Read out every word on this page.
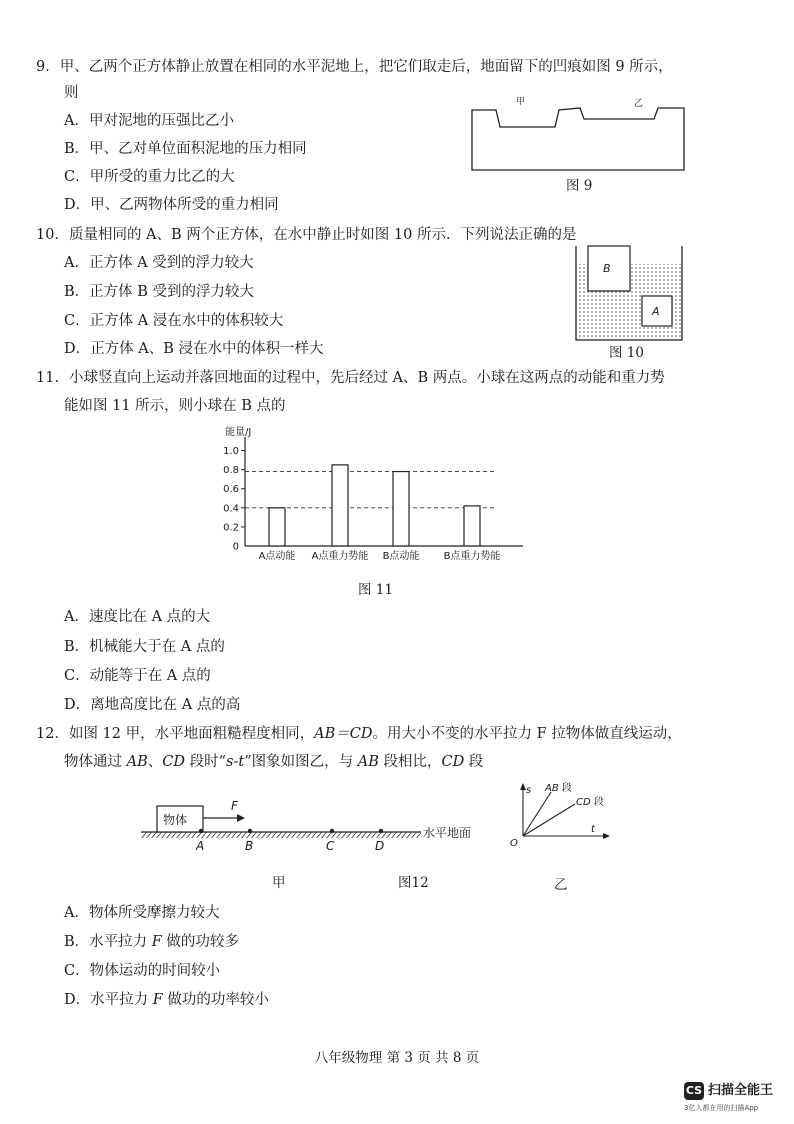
9．甲、乙两个正方体静止放置在相同的水平泥地上，把它们取走后，地面留下的凹痕如图 9 所示，
则
A．甲对泥地的压强比乙小
B．甲、乙对单位面积泥地的压力相同
C．甲所受的重力比乙的大
D．甲、乙两物体所受的重力相同
甲	乙
图 9
10．质量相同的 A、B 两个正方体，在水中静止时如图 10 所示．下列说法正确的是
A．正方体 A 受到的浮力较大
B．正方体 B 受到的浮力较大
C．正方体 A 浸在水中的体积较大
D．正方体 A、B 浸在水中的体积一样大
B
A
图 10
11．小球竖直向上运动并落回地面的过程中，先后经过 A、B 两点。小球在这两点的动能和重力势
能如图 11 所示，则小球在 B 点的
能量/J
0
0.2
0.4
0.6
0.8
1.0
A点动能 A点重力势能 B点动能 B点重力势能
图 11
A．速度比在 A 点的大
B．机械能大于在 A 点的
C．动能等于在 A 点的
D．离地高度比在 A 点的高
12．如图 12 甲，水平地面粗糙程度相同，AB＝CD。用大小不变的水平拉力 F 拉物体做直线运动，
物体通过 AB、CD 段时“s-t”图象如图乙，与 AB 段相比，CD 段
物体
F
A	B	C	D
水平地面
s
t
O
AB 段
CD 段
甲	图12	乙
A．物体所受摩擦力较大
B．水平拉力 F 做的功较多
C．物体运动的时间较小
D．水平拉力 F 做功的功率较小
八年级物理 第 3 页 共 8 页
CS 扫描全能王
3亿人都在用的扫描App
